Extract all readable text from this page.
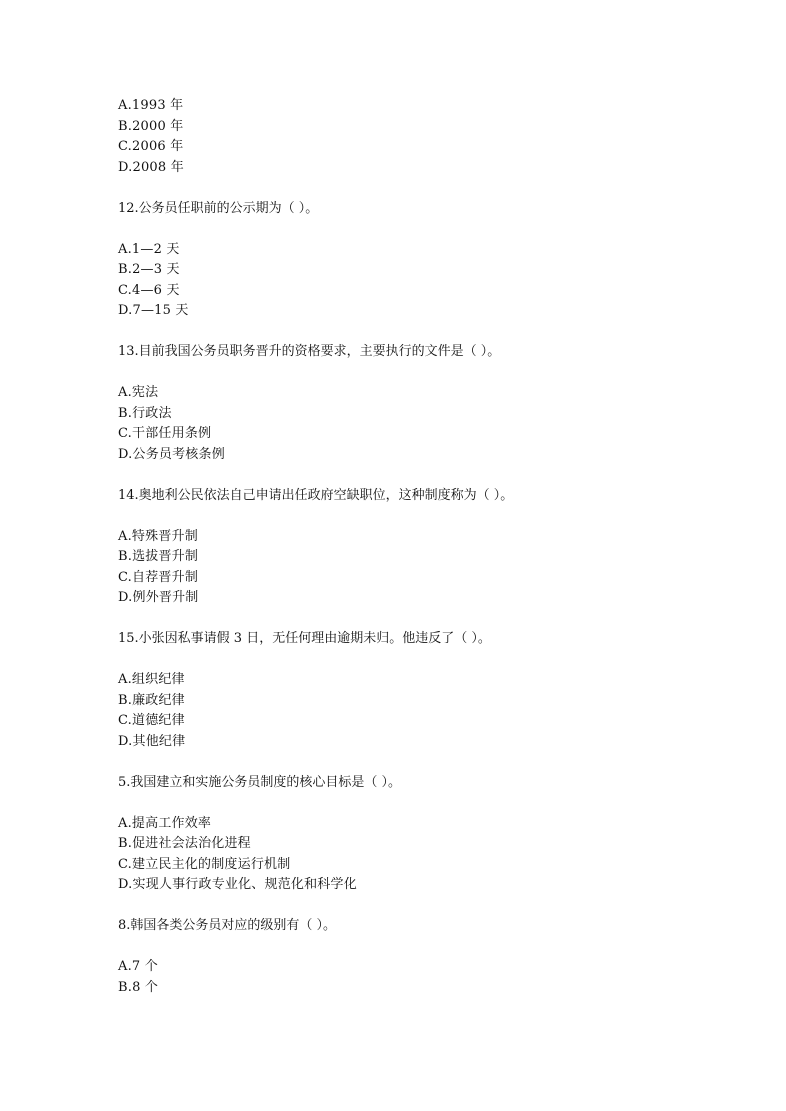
A.1993 年
B.2000 年
C.2006 年
D.2008 年
12.公务员任职前的公示期为（ ）。
A.1—2 天
B.2—3 天
C.4—6 天
D.7—15 天
13.目前我国公务员职务晋升的资格要求，主要执行的文件是（ ）。
A.宪法
B.行政法
C.干部任用条例
D.公务员考核条例
14.奥地利公民依法自己申请出任政府空缺职位，这种制度称为（ ）。
A.特殊晋升制
B.选拔晋升制
C.自荐晋升制
D.例外晋升制
15.小张因私事请假 3 日，无任何理由逾期未归。他违反了（ ）。
A.组织纪律
B.廉政纪律
C.道德纪律
D.其他纪律
5.我国建立和实施公务员制度的核心目标是（ ）。
A.提高工作效率
B.促进社会法治化进程
C.建立民主化的制度运行机制
D.实现人事行政专业化、规范化和科学化
8.韩国各类公务员对应的级别有（ ）。
A.7 个
B.8 个
